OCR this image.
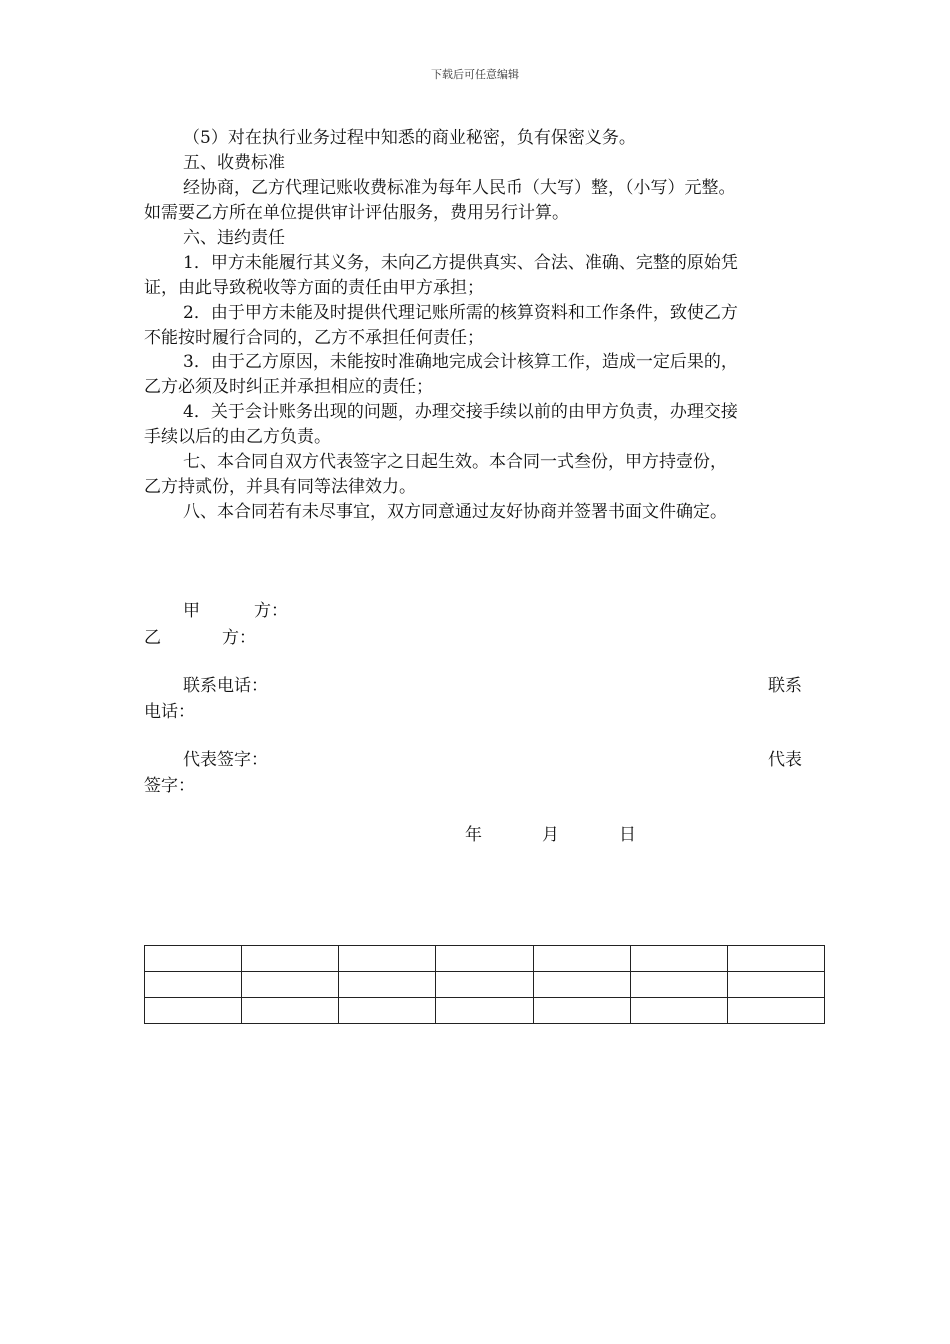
下载后可任意编辑
（5）对在执行业务过程中知悉的商业秘密，负有保密义务。
五、收费标准
经协商，乙方代理记账收费标准为每年人民币（大写）整，（小写）元整。
如需要乙方所在单位提供审计评估服务，费用另行计算。
六、违约责任
1．甲方未能履行其义务，未向乙方提供真实、合法、准确、完整的原始凭
证，由此导致税收等方面的责任由甲方承担；
2．由于甲方未能及时提供代理记账所需的核算资料和工作条件，致使乙方
不能按时履行合同的，乙方不承担任何责任；
3．由于乙方原因，未能按时准确地完成会计核算工作，造成一定后果的，
乙方必须及时纠正并承担相应的责任；
4．关于会计账务出现的问题，办理交接手续以前的由甲方负责，办理交接
手续以后的由乙方负责。
七、本合同自双方代表签字之日起生效。本合同一式叁份，甲方持壹份，
乙方持贰份，并具有同等法律效力。
八、本合同若有未尽事宜，双方同意通过友好协商并签署书面文件确定。
甲	方：
乙	方：
联系电话：	联系
电话：
代表签字：	代表
签字：
年	月	日
